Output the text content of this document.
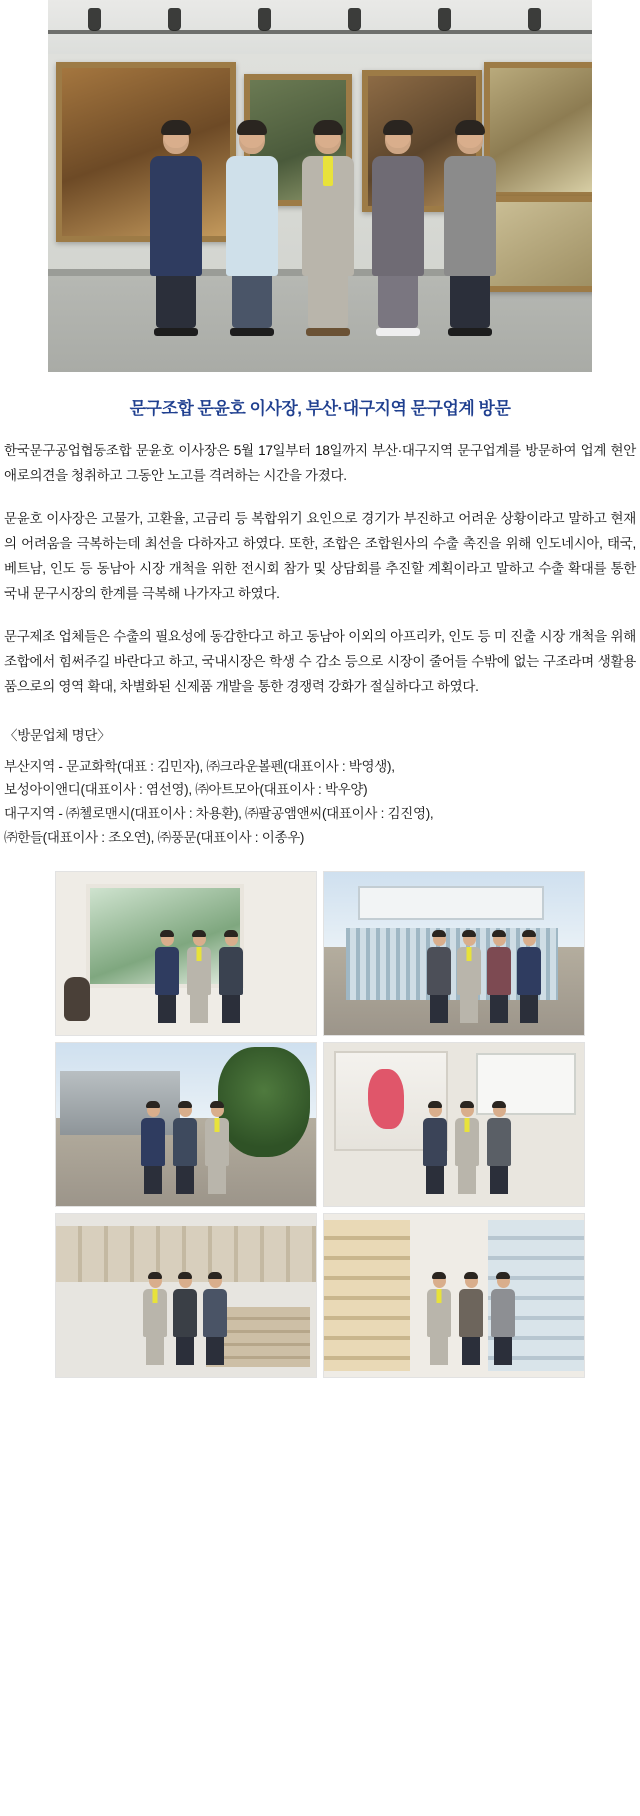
문구조합 문윤호 이사장, 부산·대구지역 문구업계 방문

한국문구공업협동조합 문윤호 이사장은 5월 17일부터 18일까지 부산·대구지역 문구업계를 방문하여 업계 현안 애로의견을 청취하고 그동안 노고를 격려하는 시간을 가졌다.

문윤호 이사장은 고물가, 고환율, 고금리 등 복합위기 요인으로 경기가 부진하고 어려운 상황이라고 말하고 현재의 어려움을 극복하는데 최선을 다하자고 하였다. 또한, 조합은 조합원사의 수출 촉진을 위해 인도네시아, 태국, 베트남, 인도 등 동남아 시장 개척을 위한 전시회 참가 및 상담회를 추진할 계획이라고 말하고 수출 확대를 통한 국내 문구시장의 한계를 극복해 나가자고 하였다.

문구제조 업체들은 수출의 필요성에 동감한다고 하고 동남아 이외의 아프리카, 인도 등 미 진출 시장 개척을 위해 조합에서 힘써주길 바란다고 하고, 국내시장은 학생 수 감소 등으로 시장이 줄어들 수밖에 없는 구조라며 생활용품으로의 영역 확대, 차별화된 신제품 개발을 통한 경쟁력 강화가 절실하다고 하였다.

〈방문업체 명단〉
부산지역 - 문교화학(대표 : 김민자), ㈜크라운볼펜(대표이사 : 박영생),
보성아이앤디(대표이사 : 염선영), ㈜아트모아(대표이사 : 박우양)
대구지역 - ㈜첼로맨시(대표이사 : 차용환), ㈜팔공앰앤씨(대표이사 : 김진영),
㈜한들(대표이사 : 조오연), ㈜풍문(대표이사 : 이종우)
